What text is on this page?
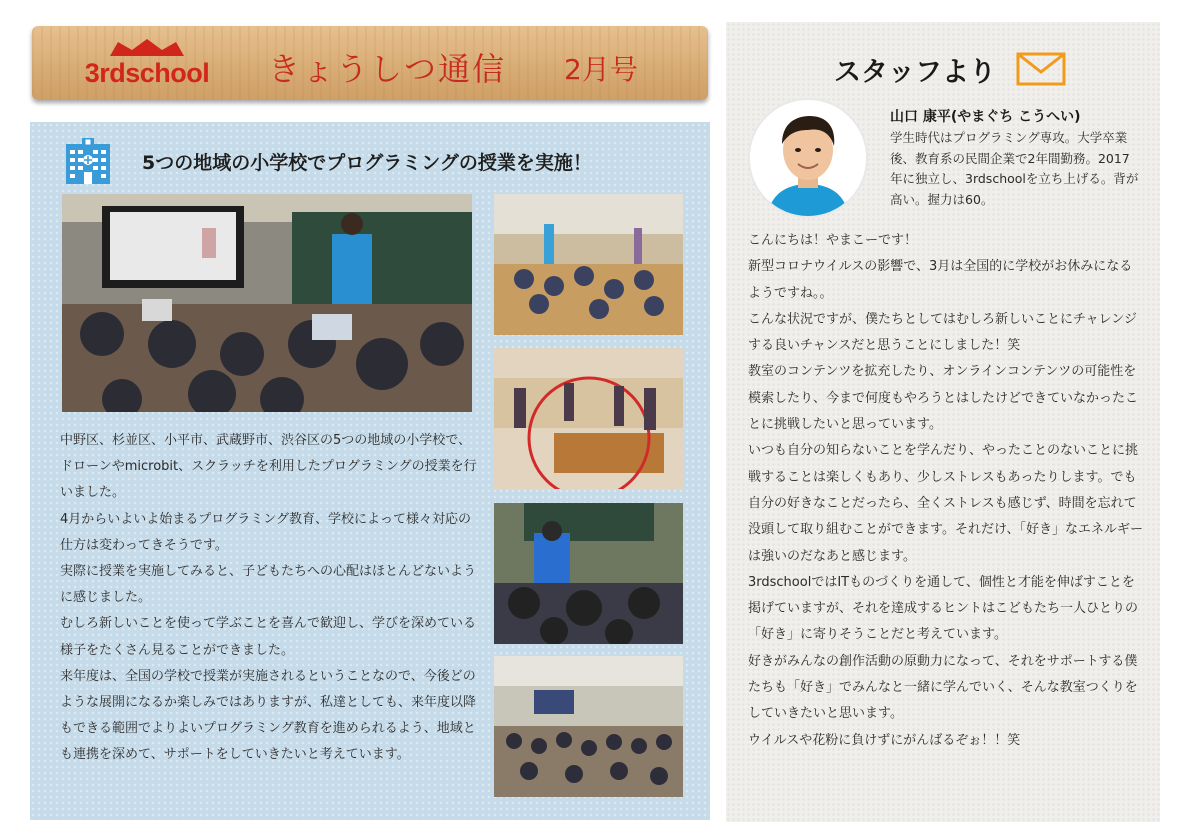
3rdschool	きょうしつ通信 2月号
5つの地域の小学校でプログラミングの授業を実施！

中野区、杉並区、小平市、武蔵野市、渋谷区の5つの地域の小学校で、ドローンやmicrobit、スクラッチを利用したプログラミングの授業を行いました。

4月からいよいよ始まるプログラミング教育、学校によって様々対応の仕方は変わってきそうです。

実際に授業を実施してみると、子どもたちへの心配はほとんどないように感じました。

むしろ新しいことを使って学ぶことを喜んで歓迎し、学びを深めている様子をたくさん見ることができました。

来年度は、全国の学校で授業が実施されるということなので、今後どのような展開になるか楽しみではありますが、私達としても、来年度以降もできる範囲でよりよいプログラミング教育を進められるよう、地域とも連携を深めて、サポートをしていきたいと考えています。

スタッフより
山口 康平(やまぐち こうへい)
学生時代はプログラミング専攻。大学卒業後、教育系の民間企業で2年間勤務。2017年に独立し、3rdschoolを立ち上げる。背が高い。握力は60。

こんにちは！やまこーです！

新型コロナウイルスの影響で、3月は全国的に学校がお休みになるようですね。。

こんな状況ですが、僕たちとしてはむしろ新しいことにチャレンジする良いチャンスだと思うことにしました！笑

教室のコンテンツを拡充したり、オンラインコンテンツの可能性を模索したり、今まで何度もやろうとはしたけどできていなかったことに挑戦したいと思っています。

いつも自分の知らないことを学んだり、やったことのないことに挑戦することは楽しくもあり、少しストレスもあったりします。でも自分の好きなことだったら、全くストレスも感じず、時間を忘れて没頭して取り組むことができます。それだけ、「好き」なエネルギーは強いのだなあと感じます。

3rdschoolではITものづくりを通して、個性と才能を伸ばすことを掲げていますが、それを達成するヒントはこどもたち一人ひとりの「好き」に寄りそうことだと考えています。

好きがみんなの創作活動の原動力になって、それをサポートする僕たちも「好き」でみんなと一緒に学んでいく、そんな教室つくりをしていきたいと思います。

ウイルスや花粉に負けずにがんばるぞぉ！！笑
